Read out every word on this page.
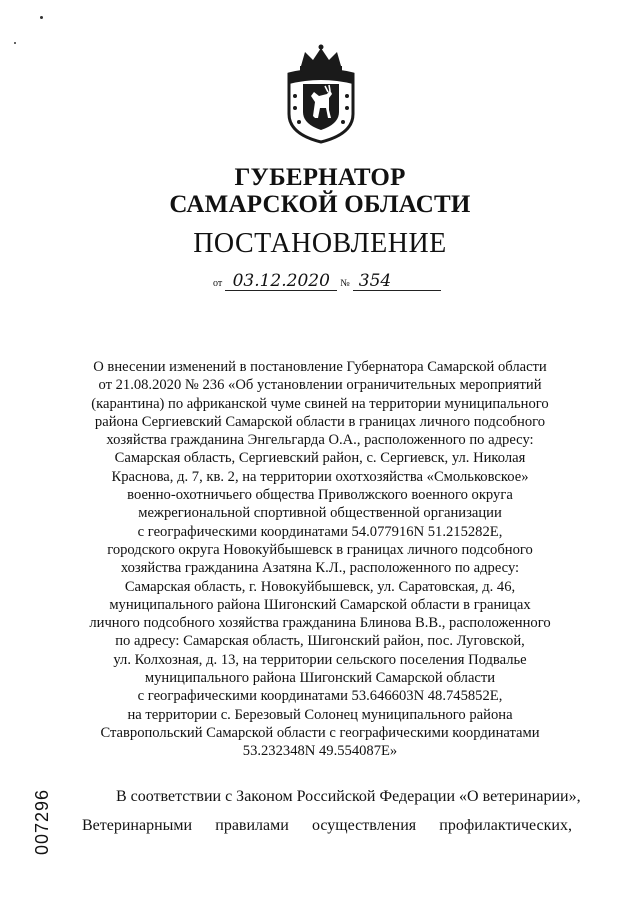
ГУБЕРНАТОР
САМАРСКОЙ ОБЛАСТИ
ПОСТАНОВЛЕНИЕ
от 03.12.2020 № 354
О внесении изменений в постановление Губернатора Самарской области
от 21.08.2020 № 236 «Об установлении ограничительных мероприятий
(карантина) по африканской чуме свиней на территории муниципального
района Сергиевский Самарской области в границах личного подсобного
хозяйства гражданина Энгельгарда О.А., расположенного по адресу:
Самарская область, Сергиевский район, с. Сергиевск, ул. Николая
Краснова, д. 7, кв. 2, на территории охотхозяйства «Смольковское»
военно-охотничьего общества Приволжского военного округа
межрегиональной спортивной общественной организации
с географическими координатами 54.077916N 51.215282E,
городского округа Новокуйбышевск в границах личного подсобного
хозяйства гражданина Азатяна К.Л., расположенного по адресу:
Самарская область, г. Новокуйбышевск, ул. Саратовская, д. 46,
муниципального района Шигонский Самарской области в границах
личного подсобного хозяйства гражданина Блинова В.В., расположенного
по адресу: Самарская область, Шигонский район, пос. Луговской,
ул. Колхозная, д. 13, на территории сельского поселения Подвалье
муниципального района Шигонский Самарской области
с географическими координатами 53.646603N 48.745852E,
на территории с. Березовый Солонец муниципального района
Ставропольский Самарской области с географическими координатами
53.232348N 49.554087E»
007296	В соответствии с Законом Российской Федерации «О ветеринарии»,
Ветеринарными правилами осуществления профилактических,
